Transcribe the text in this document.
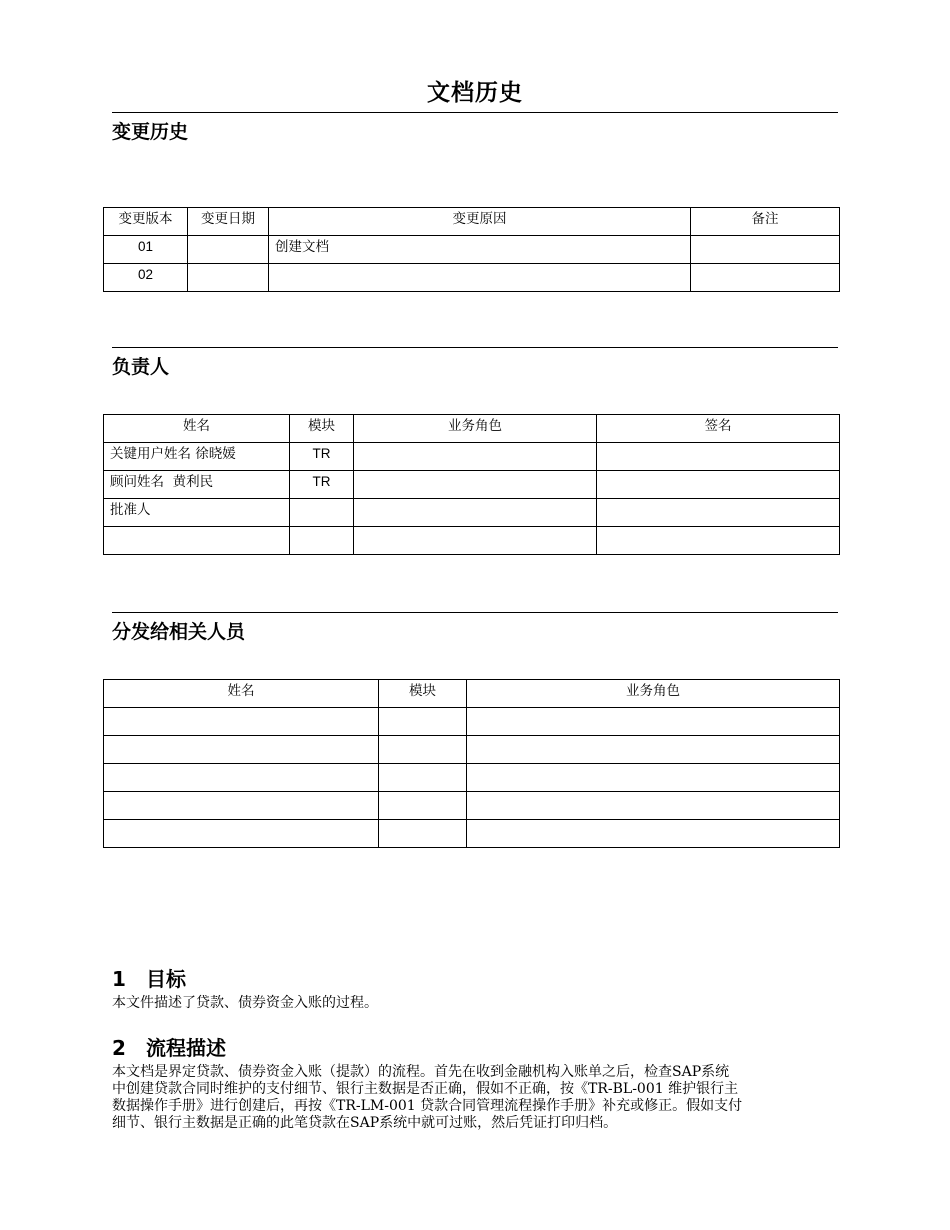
文档历史
变更历史
变更版本	变更日期	变更原因	备注
01		创建文档	
02			
负责人
姓名	模块	业务角色	签名
关键用户姓名 徐晓媛	TR		
顾问姓名  黄利民	TR		
批准人			

分发给相关人员
姓名	模块	业务角色

1 目标
本文件描述了贷款、债券资金入账的过程。
2 流程描述
本文档是界定贷款、债券资金入账（提款）的流程。首先在收到金融机构入账单之后，检查SAP系统
中创建贷款合同时维护的支付细节、银行主数据是否正确，假如不正确，按《TR-BL-001 维护银行主
数据操作手册》进行创建后，再按《TR-LM-001 贷款合同管理流程操作手册》补充或修正。假如支付
细节、银行主数据是正确的此笔贷款在SAP系统中就可过账，然后凭证打印归档。
